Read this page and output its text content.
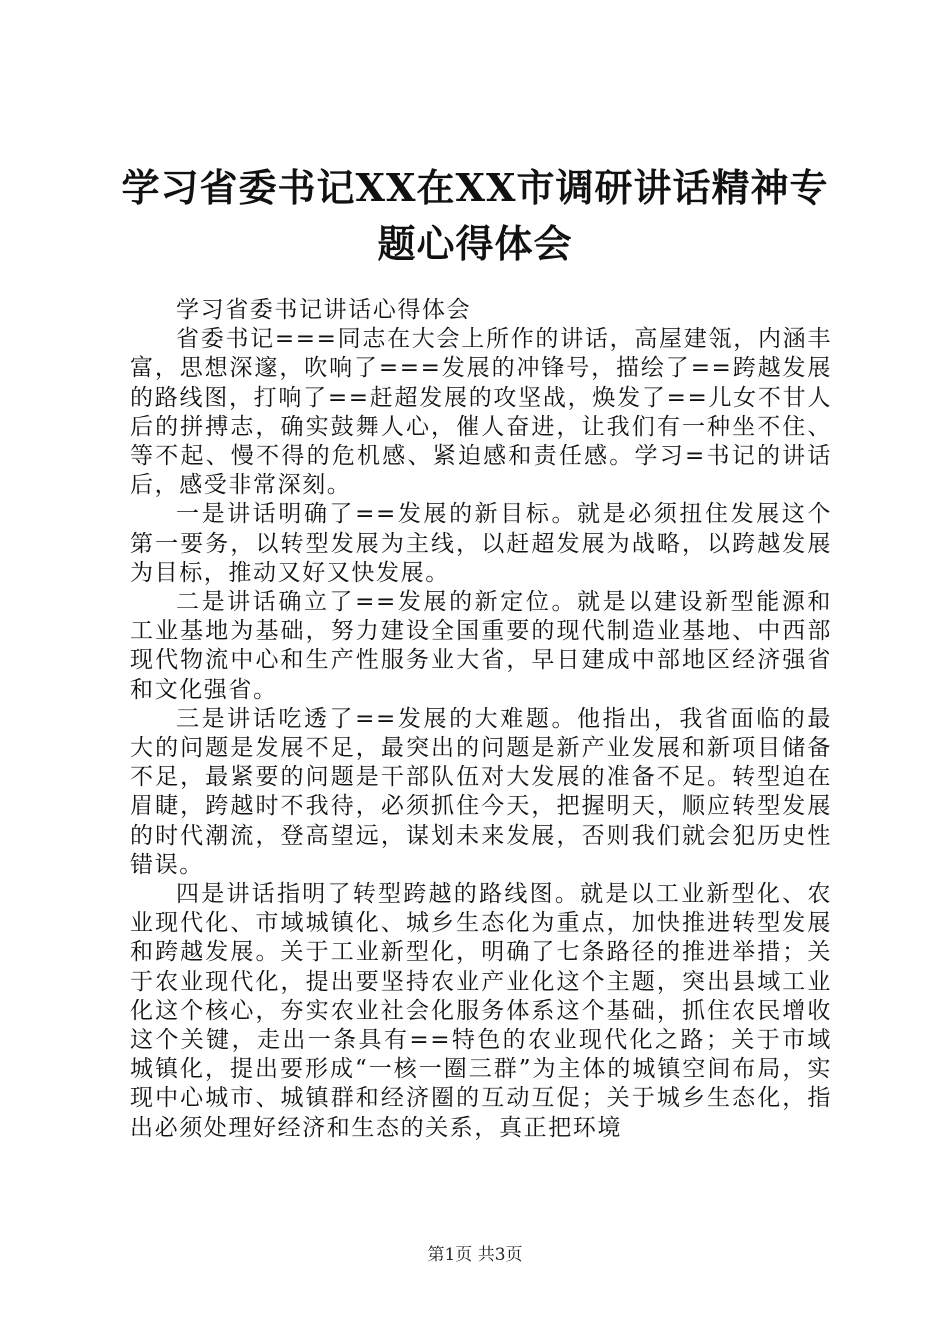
学习省委书记XX在XX市调研讲话精神专题心得体会

学习省委书记讲话心得体会

省委书记===同志在大会上所作的讲话，高屋建瓴，内涵丰富，思想深邃，吹响了===发展的冲锋号，描绘了==跨越发展的路线图，打响了==赶超发展的攻坚战，焕发了==儿女不甘人后的拼搏志，确实鼓舞人心，催人奋进，让我们有一种坐不住、等不起、慢不得的危机感、紧迫感和责任感。学习=书记的讲话后，感受非常深刻。

一是讲话明确了==发展的新目标。就是必须扭住发展这个第一要务，以转型发展为主线，以赶超发展为战略，以跨越发展为目标，推动又好又快发展。

二是讲话确立了==发展的新定位。就是以建设新型能源和工业基地为基础，努力建设全国重要的现代制造业基地、中西部现代物流中心和生产性服务业大省，早日建成中部地区经济强省和文化强省。

三是讲话吃透了==发展的大难题。他指出，我省面临的最大的问题是发展不足，最突出的问题是新产业发展和新项目储备不足，最紧要的问题是干部队伍对大发展的准备不足。转型迫在眉睫，跨越时不我待，必须抓住今天，把握明天，顺应转型发展的时代潮流，登高望远，谋划未来发展，否则我们就会犯历史性错误。

四是讲话指明了转型跨越的路线图。就是以工业新型化、农业现代化、市域城镇化、城乡生态化为重点，加快推进转型发展和跨越发展。关于工业新型化，明确了七条路径的推进举措；关于农业现代化，提出要坚持农业产业化这个主题，突出县域工业化这个核心，夯实农业社会化服务体系这个基础，抓住农民增收这个关键，走出一条具有==特色的农业现代化之路；关于市域城镇化，提出要形成“一核一圈三群”为主体的城镇空间布局，实现中心城市、城镇群和经济圈的互动互促；关于城乡生态化，指出必须处理好经济和生态的关系，真正把环境

第1页 共3页
